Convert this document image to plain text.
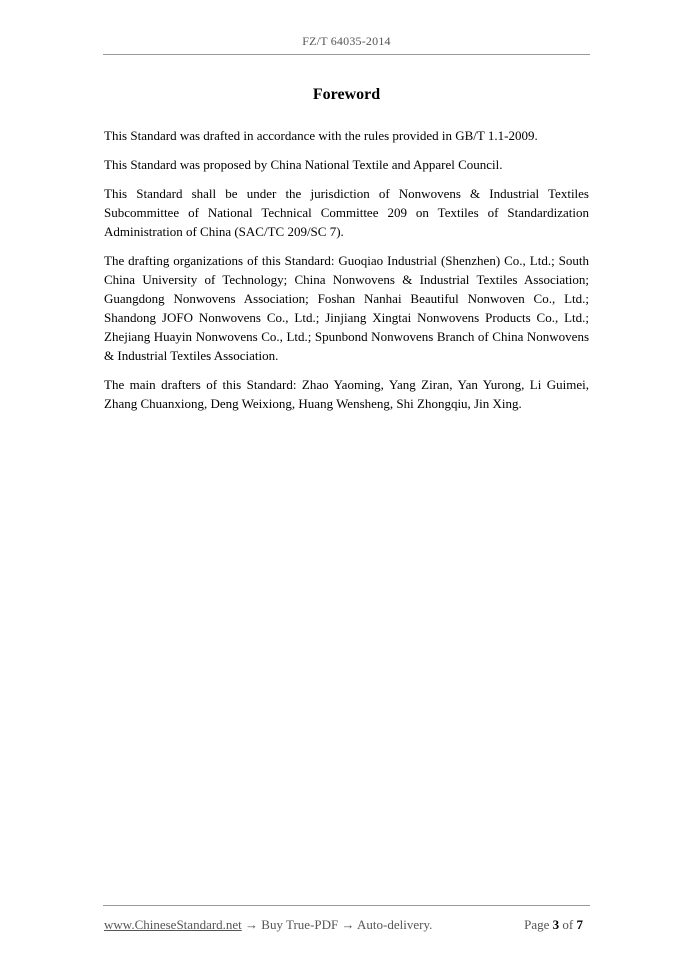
FZ/T 64035-2014
Foreword

This Standard was drafted in accordance with the rules provided in GB/T 1.1-2009.

This Standard was proposed by China National Textile and Apparel Council.

This Standard shall be under the jurisdiction of Nonwovens & Industrial Textiles Subcommittee of National Technical Committee 209 on Textiles of Standardization Administration of China (SAC/TC 209/SC 7).

The drafting organizations of this Standard: Guoqiao Industrial (Shenzhen) Co., Ltd.; South China University of Technology; China Nonwovens & Industrial Textiles Association; Guangdong Nonwovens Association; Foshan Nanhai Beautiful Nonwoven Co., Ltd.; Shandong JOFO Nonwovens Co., Ltd.; Jinjiang Xingtai Nonwovens Products Co., Ltd.; Zhejiang Huayin Nonwovens Co., Ltd.; Spunbond Nonwovens Branch of China Nonwovens & Industrial Textiles Association.

The main drafters of this Standard: Zhao Yaoming, Yang Ziran, Yan Yurong, Li Guimei, Zhang Chuanxiong, Deng Weixiong, Huang Wensheng, Shi Zhongqiu, Jin Xing.

www.ChineseStandard.net → Buy True-PDF → Auto-delivery.	Page 3 of 7
